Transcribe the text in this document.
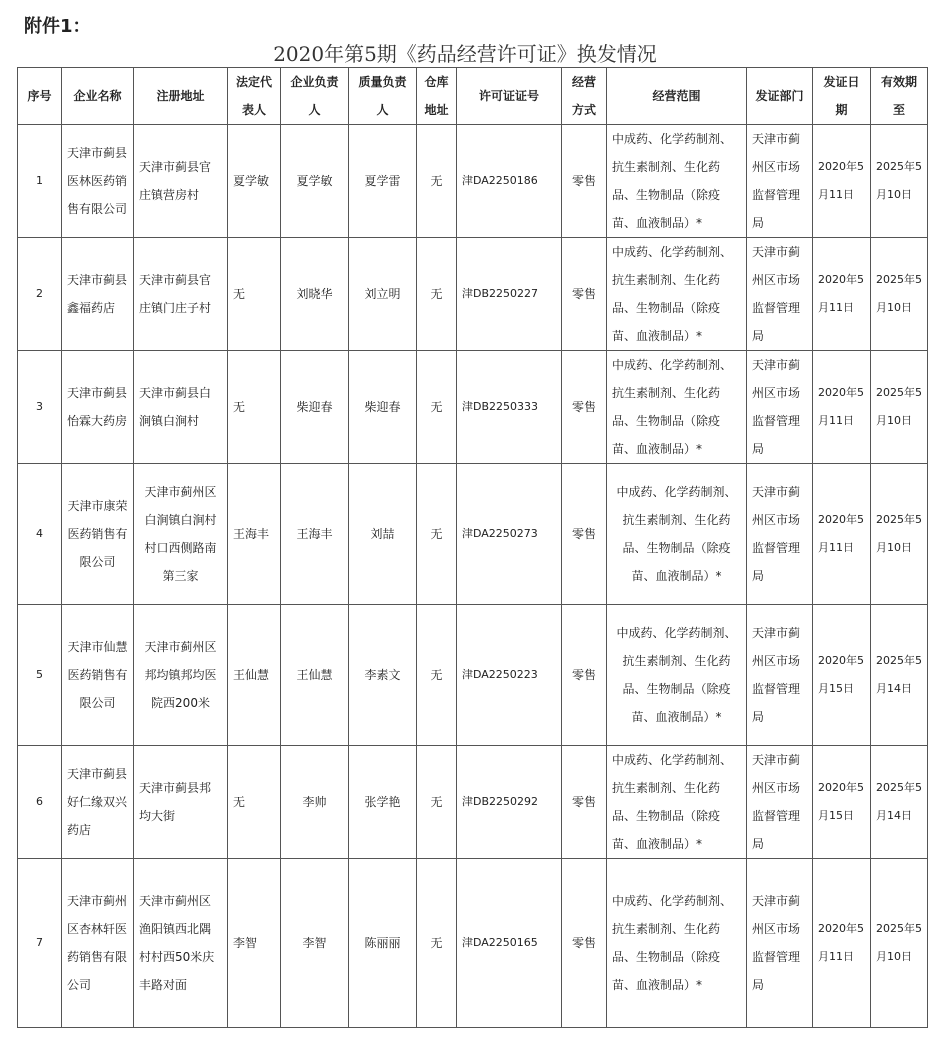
附件1：
2020年第5期《药品经营许可证》换发情况
序号	企业名称	注册地址	法定代表人	企业负责人	质量负责人	仓库地址	许可证证号	经营方式	经营范围	发证部门	发证日期	有效期至
1	天津市蓟县医林医药销售有限公司	天津市蓟县官庄镇营房村	夏学敏	夏学敏	夏学雷	无	津DA2250186	零售	中成药、化学药制剂、抗生素制剂、生化药品、生物制品（除疫苗、血液制品）*	天津市蓟州区市场监督管理局	2020年5月11日	2025年5月10日
2	天津市蓟县鑫福药店	天津市蓟县官庄镇门庄子村	无	刘晓华	刘立明	无	津DB2250227	零售	中成药、化学药制剂、抗生素制剂、生化药品、生物制品（除疫苗、血液制品）*	天津市蓟州区市场监督管理局	2020年5月11日	2025年5月10日
3	天津市蓟县怡霖大药房	天津市蓟县白涧镇白涧村	无	柴迎春	柴迎春	无	津DB2250333	零售	中成药、化学药制剂、抗生素制剂、生化药品、生物制品（除疫苗、血液制品）*	天津市蓟州区市场监督管理局	2020年5月11日	2025年5月10日
4	天津市康荣医药销售有限公司	天津市蓟州区白涧镇白涧村村口西侧路南第三家	王海丰	王海丰	刘喆	无	津DA2250273	零售	中成药、化学药制剂、抗生素制剂、生化药品、生物制品（除疫苗、血液制品）*	天津市蓟州区市场监督管理局	2020年5月11日	2025年5月10日
5	天津市仙慧医药销售有限公司	天津市蓟州区邦均镇邦均医院西200米	王仙慧	王仙慧	李素文	无	津DA2250223	零售	中成药、化学药制剂、抗生素制剂、生化药品、生物制品（除疫苗、血液制品）*	天津市蓟州区市场监督管理局	2020年5月15日	2025年5月14日
6	天津市蓟县好仁缘双兴药店	天津市蓟县邦均大街	无	李帅	张学艳	无	津DB2250292	零售	中成药、化学药制剂、抗生素制剂、生化药品、生物制品（除疫苗、血液制品）*	天津市蓟州区市场监督管理局	2020年5月15日	2025年5月14日
7	天津市蓟州区杏林轩医药销售有限公司	天津市蓟州区渔阳镇西北隅村村西50米庆丰路对面	李智	李智	陈丽丽	无	津DA2250165	零售	中成药、化学药制剂、抗生素制剂、生化药品、生物制品（除疫苗、血液制品）*	天津市蓟州区市场监督管理局	2020年5月11日	2025年5月10日
